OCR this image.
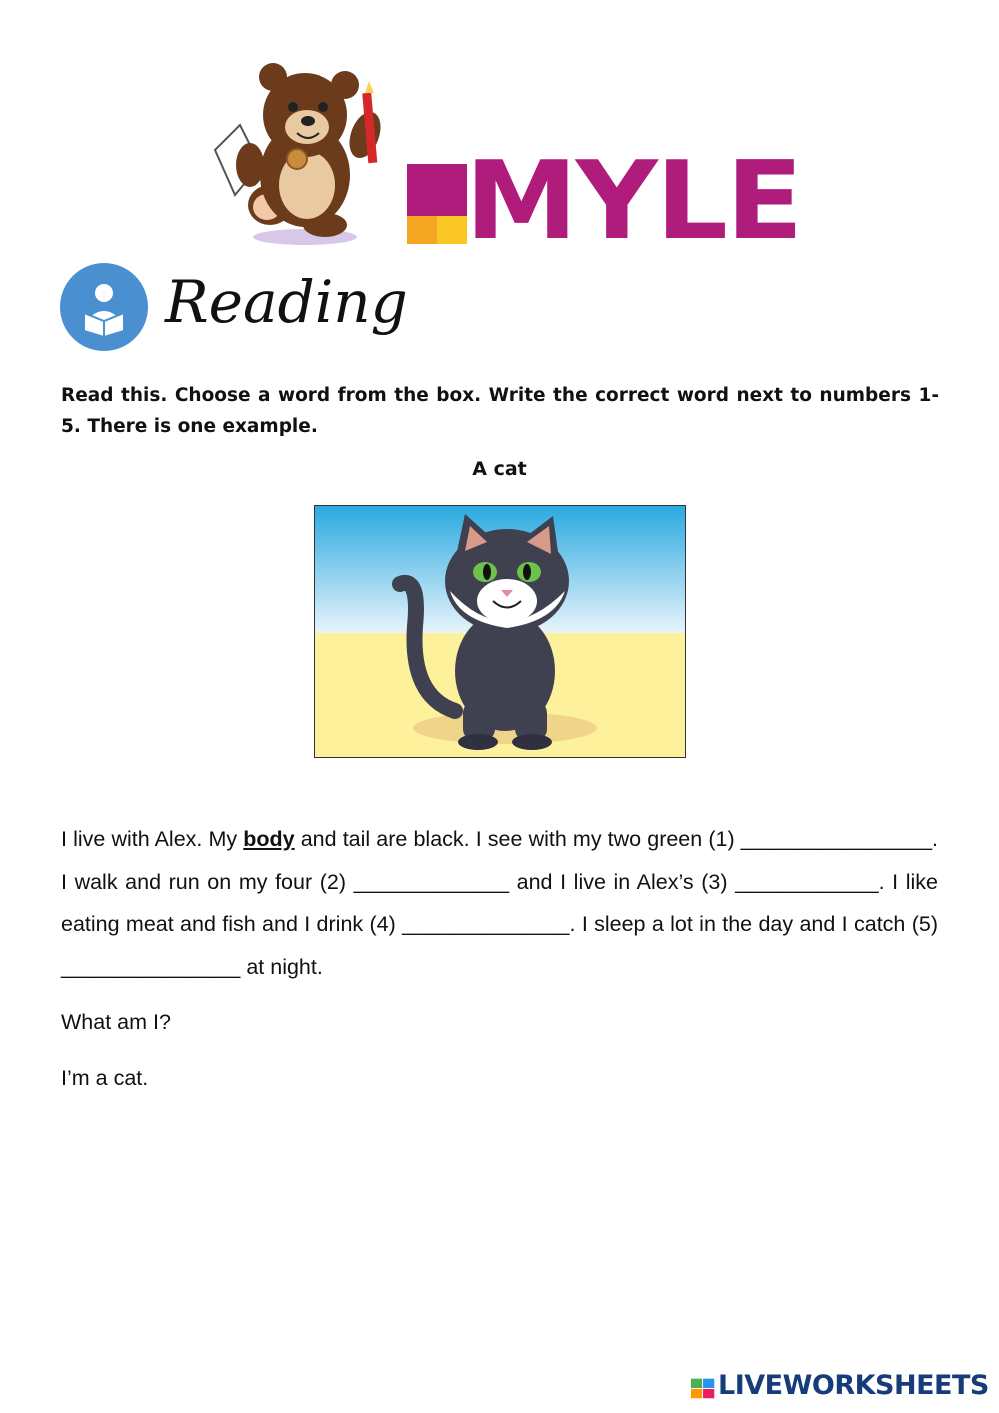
MYLE
Reading
Read this. Choose a word from the box. Write the correct word next to numbers 1-5. There is one example.
A cat
I live with Alex. My body and tail are black. I see with my two green (1) ________________. I walk and run on my four (2) _____________ and I live in Alex’s (3) ____________. I like eating meat and fish and I drink (4) ______________. I sleep a lot in the day and I catch (5) _______________ at night.
What am I?
I’m a cat.
LIVEWORKSHEETS
